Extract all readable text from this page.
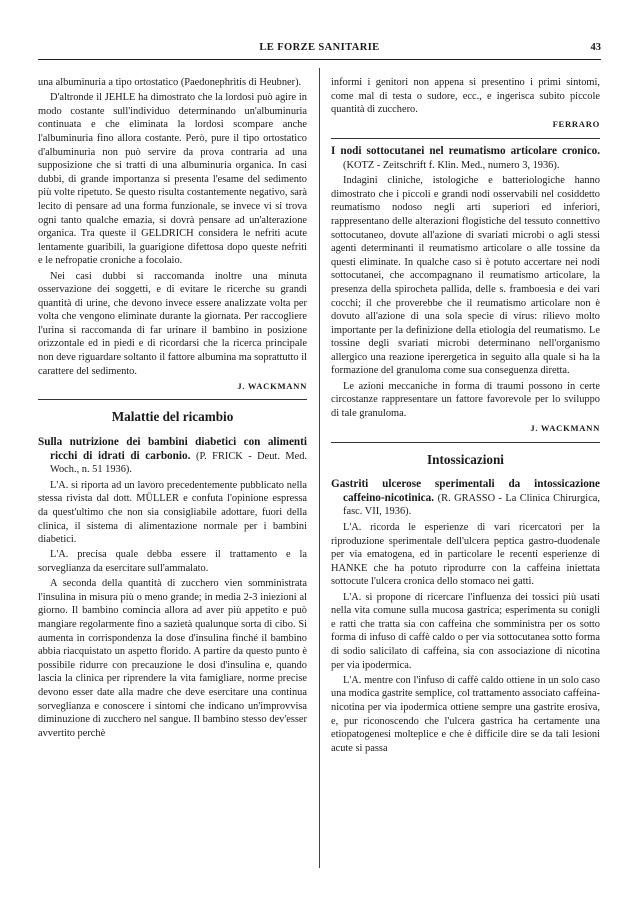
LE FORZE SANITARIE	43

una albuminuria a tipo ortostatico (Paedonephritis di Heubner).

D'altronde il JEHLE ha dimostrato che la lordosi può agire in modo costante sull'individuo determinando un'albuminuria continuata e che eliminata la lordosi scompare anche l'albuminuria fino allora costante. Però, pure il tipo ortostatico d'albuminuria non può servire da prova contraria ad una supposizione che si tratti di una albuminuria organica. In casi dubbi, di grande importanza si presenta l'esame del sedimento più volte ripetuto. Se questo risulta costantemente negativo, sarà lecito di pensare ad una forma funzionale, se invece vi si trova ogni tanto qualche emazia, si dovrà pensare ad un'alterazione organica. Tra queste il GELDRICH considera le nefriti acute lentamente guaribili, la guarigione difettosa dopo queste nefriti e le nefropatie croniche a focolaio.

Nei casi dubbi si raccomanda inoltre una minuta osservazione dei soggetti, e di evitare le ricerche su grandi quantità di urine, che devono invece essere analizzate volta per volta che vengono eliminate durante la giornata. Per raccogliere l'urina si raccomanda di far urinare il bambino in posizione orizzontale ed in piedi e di ricordarsi che la ricerca principale non deve riguardare soltanto il fattore albumina ma soprattutto il carattere del sedimento.

J. WACKMANN
Malattie del ricambio
Sulla nutrizione dei bambini diabetici con alimenti ricchi di idrati di carbonio. (P. FRICK - Deut. Med. Woch., n. 51 1936).

L'A. si riporta ad un lavoro precedentemente pubblicato nella stessa rivista dal dott. MÜLLER e confuta l'opinione espressa da quest'ultimo che non sia consigliabile adottare, fuori della clinica, il sistema di alimentazione normale per i bambini diabetici.

L'A. precisa quale debba essere il trattamento e la sorveglianza da esercitare sull'ammalato.

A seconda della quantità di zucchero vien somministrata l'insulina in misura più o meno grande; in media 2-3 iniezioni al giorno. Il bambino comincia allora ad aver più appetito e può mangiare regolarmente fino a sazietà qualunque sorta di cibo. Si aumenta in corrispondenza la dose d'insulina finché il bambino abbia riacquistato un aspetto florido. A partire da questo punto è possibile ridurre con precauzione le dosi d'insulina e, quando lascia la clinica per riprendere la vita famigliare, norme precise devono esser date alla madre che deve esercitare una continua sorveglianza e conoscere i sintomi che indicano un'improvvisa diminuzione di zucchero nel sangue. Il bambino stesso dev'esser avvertito perchè

informi i genitori non appena si presentino i primi sintomi, come mal di testa o sudore, ecc., e ingerisca subito piccole quantità di zucchero.

FERRARO
I nodi sottocutanei nel reumatismo articolare cronico. (KOTZ - Zeitschrift f. Klin. Med., numero 3, 1936).

Indagini cliniche, istologiche e batteriologiche hanno dimostrato che i piccoli e grandi nodi osservabili nel cosiddetto reumatismo nodoso negli arti superiori ed inferiori, rappresentano delle alterazioni flogistiche del tessuto connettivo sottocutaneo, dovute all'azione di svariati microbi o agli stessi agenti determinanti il reumatismo articolare o alle tossine da questi eliminate. In qualche caso si è potuto accertare nei nodi sottocutanei, che accompagnano il reumatismo articolare, la presenza della spirocheta pallida, delle s. framboesia e dei vari cocchi; il che proverebbe che il reumatismo articolare non è dovuto all'azione di una sola specie di virus: rilievo molto importante per la definizione della etiologia del reumatismo. Le tossine degli svariati microbi determinano nell'organismo allergico una reazione iperergetica in seguito alla quale si ha la formazione del granuloma come sua conseguenza diretta.

Le azioni meccaniche in forma di traumi possono in certe circostanze rappresentare un fattore favorevole per lo sviluppo di tale granuloma.

J. WACKMANN
Intossicazioni
Gastriti ulcerose sperimentali da intossicazione caffeino-nicotinica. (R. GRASSO - La Clinica Chirurgica, fasc. VII, 1936).

L'A. ricorda le esperienze di vari ricercatori per la riproduzione sperimentale dell'ulcera peptica gastro-duodenale per via ematogena, ed in particolare le recenti esperienze di HANKE che ha potuto riprodurre con la caffeina iniettata sottocute l'ulcera cronica dello stomaco nei gatti.

L'A. si propone di ricercare l'influenza dei tossici più usati nella vita comune sulla mucosa gastrica; esperimenta su conigli e ratti che tratta sia con caffeina che somministra per os sotto forma di infuso di caffè caldo o per via sottocutanea sotto forma di sodio salicilato di caffeina, sia con associazione di nicotina per via ipodermica.

L'A. mentre con l'infuso di caffè caldo ottiene in un solo caso una modica gastrite semplice, col trattamento associato caffeina-nicotina per via ipodermica ottiene sempre una gastrite erosiva, e, pur riconoscendo che l'ulcera gastrica ha certamente una etiopatogenesi molteplice e che è difficile dire se da tali lesioni acute si passa
